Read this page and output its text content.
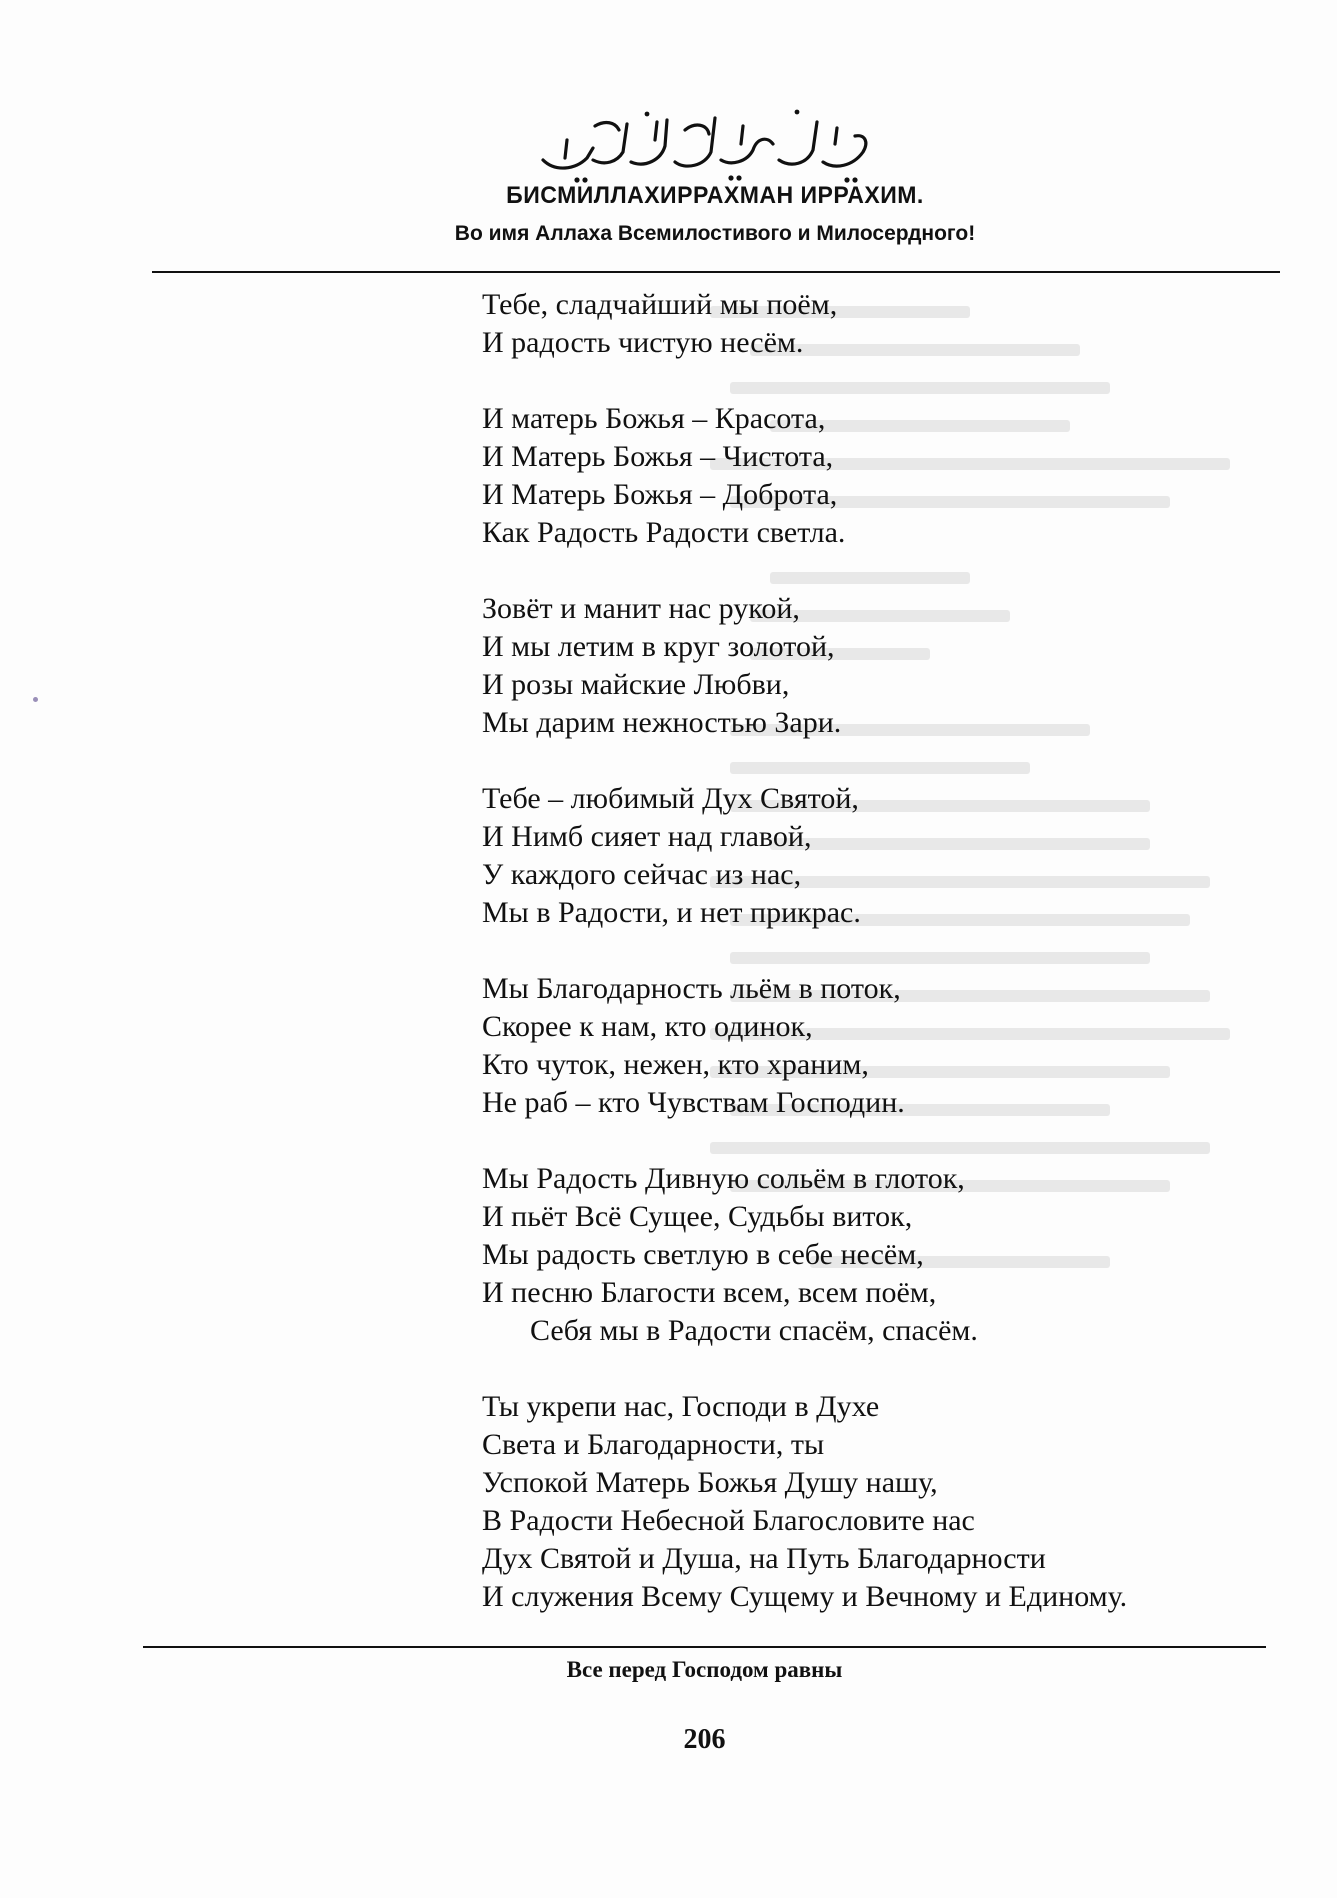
БИСМИЛЛАХИРРАХМАН ИРРАХИМ.
Во имя Аллаха Всемилостивого и Милосердного!
Тебе, сладчайший мы поём,
И радость чистую несём.
И матерь Божья – Красота,
И Матерь Божья – Чистота,
И Матерь Божья – Доброта,
Как Радость Радости светла.
Зовёт и манит нас рукой,
И мы летим в круг золотой,
И розы майские Любви,
Мы дарим нежностью Зари.
Тебе – любимый Дух Святой,
И Нимб сияет над главой,
У каждого сейчас из нас,
Мы в Радости, и нет прикрас.
Мы Благодарность льём в поток,
Скорее к нам, кто одинок,
Кто чуток, нежен, кто храним,
Не раб – кто Чувствам Господин.
Мы Радость Дивную сольём в глоток,
И пьёт Всё Сущее, Судьбы виток,
Мы радость светлую в себе несём,
И песню Благости всем, всем поём,
Себя мы в Радости спасём, спасём.
Ты укрепи нас, Господи в Духе
Света и Благодарности, ты
Успокой Матерь Божья Душу нашу,
В Радости Небесной Благословите нас
Дух Святой и Душа, на Путь Благодарности
И служения Всему Сущему и Вечному и Единому.
Все перед Господом равны
206
